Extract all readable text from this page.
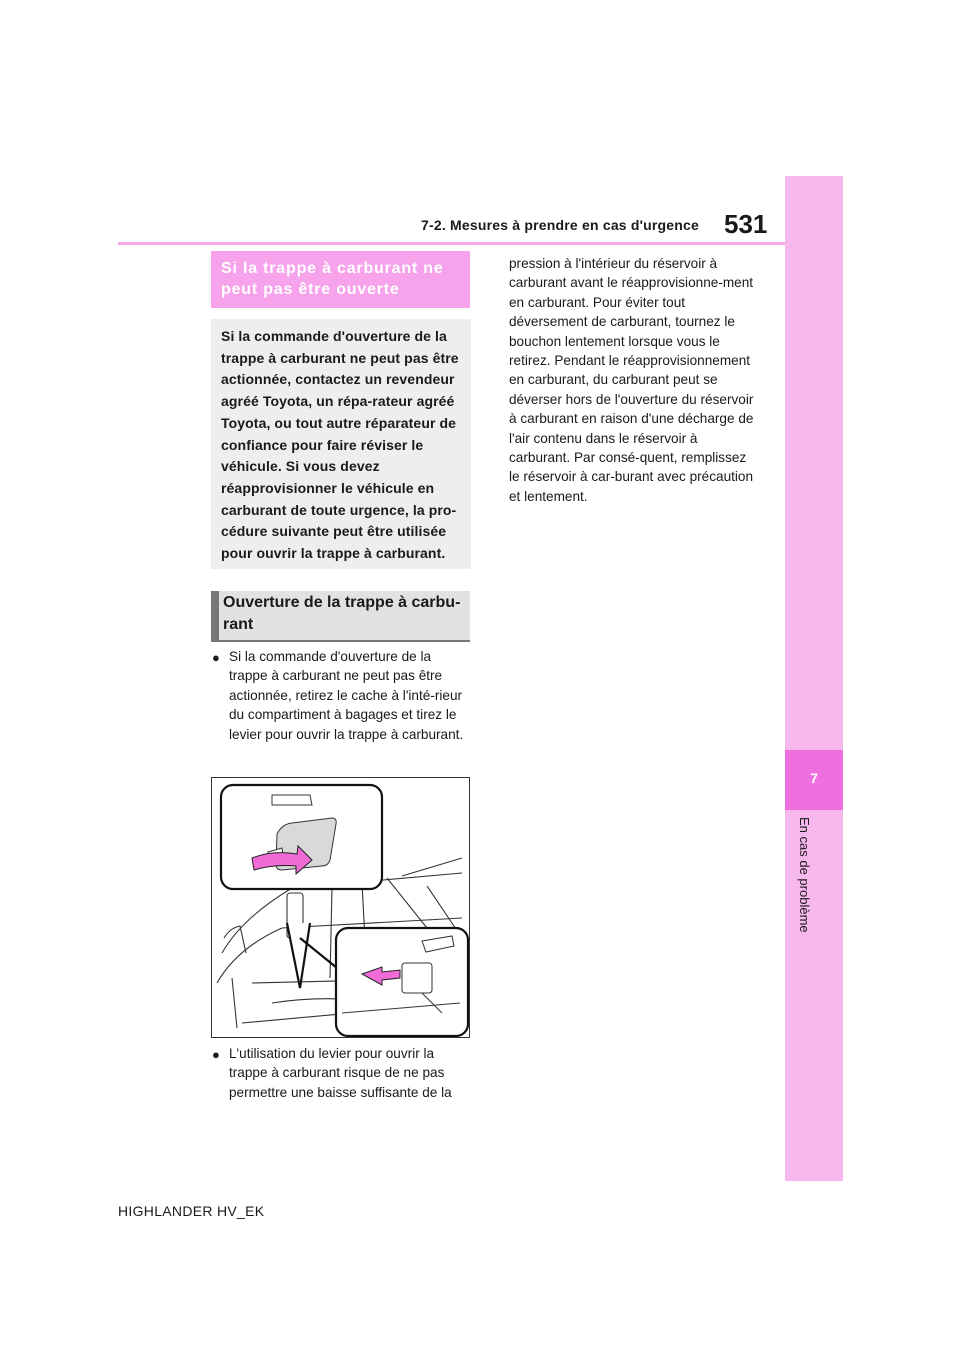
7
En cas de problème
7-2. Mesures à prendre en cas d'urgence 531
Si la trappe à carburant ne peut pas être ouverte
Si la commande d'ouverture de la trappe à carburant ne peut pas être actionnée, contactez un revendeur agréé Toyota, un répa-rateur agréé Toyota, ou tout autre réparateur de confiance pour faire réviser le véhicule. Si vous devez réapprovisionner le véhicule en carburant de toute urgence, la pro-cédure suivante peut être utilisée pour ouvrir la trappe à carburant.
Ouverture de la trappe à carbu-rant
● Si la commande d'ouverture de la trappe à carburant ne peut pas être actionnée, retirez le cache à l'inté-rieur du compartiment à bagages et tirez le levier pour ouvrir la trappe à carburant.
● L'utilisation du levier pour ouvrir la trappe à carburant risque de ne pas permettre une baisse suffisante de la
pression à l'intérieur du réservoir à carburant avant le réapprovisionne-ment en carburant. Pour éviter tout déversement de carburant, tournez le bouchon lentement lorsque vous le retirez. Pendant le réapprovisionnement en carburant, du carburant peut se déverser hors de l'ouverture du réservoir à carburant en raison d'une décharge de l'air contenu dans le réservoir à carburant. Par consé-quent, remplissez le réservoir à car-burant avec précaution et lentement.
HIGHLANDER HV_EK
